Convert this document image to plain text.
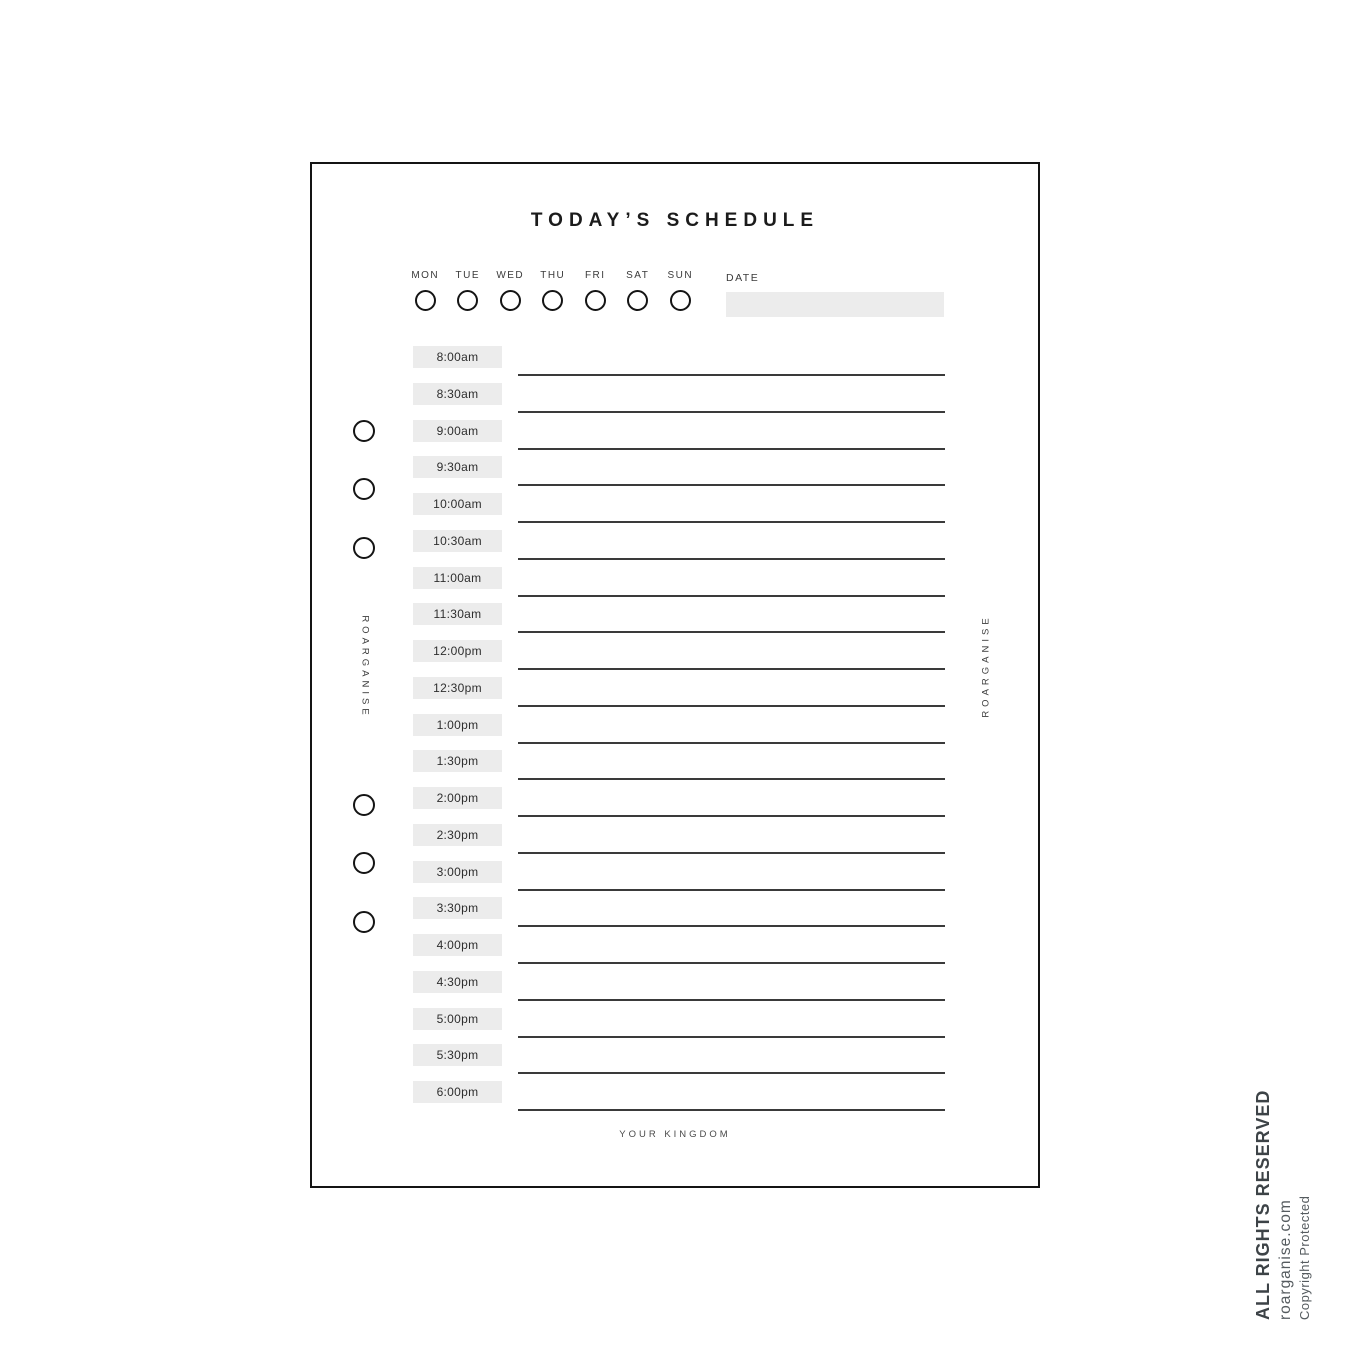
TODAY’S SCHEDULE
MON TUE WED THU FRI SAT SUN	DATE
8:00am
8:30am
9:00am
9:30am
10:00am
10:30am
11:00am
11:30am
12:00pm
12:30pm
1:00pm
1:30pm
2:00pm
2:30pm
3:00pm
3:30pm
4:00pm
4:30pm
5:00pm
5:30pm
6:00pm
ROARGANISE	ROARGANISE
YOUR KINGDOM	ALL RIGHTS RESERVED roarganise.com Copyright Protected
